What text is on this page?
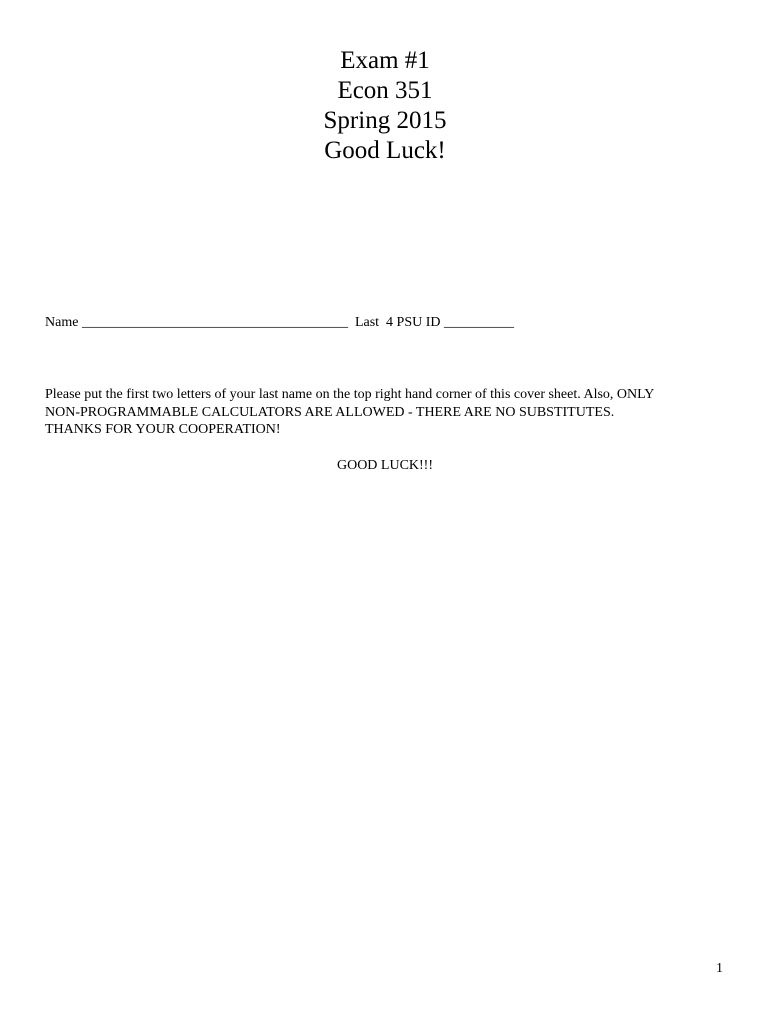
Exam #1
Econ 351
Spring 2015
Good Luck!
Name ______________________________________ Last  4 PSU ID __________
Please put the first two letters of your last name on the top right hand corner of this cover sheet. Also, ONLY
NON-PROGRAMMABLE CALCULATORS ARE ALLOWED - THERE ARE NO SUBSTITUTES.
THANKS FOR YOUR COOPERATION!
GOOD LUCK!!!
1
